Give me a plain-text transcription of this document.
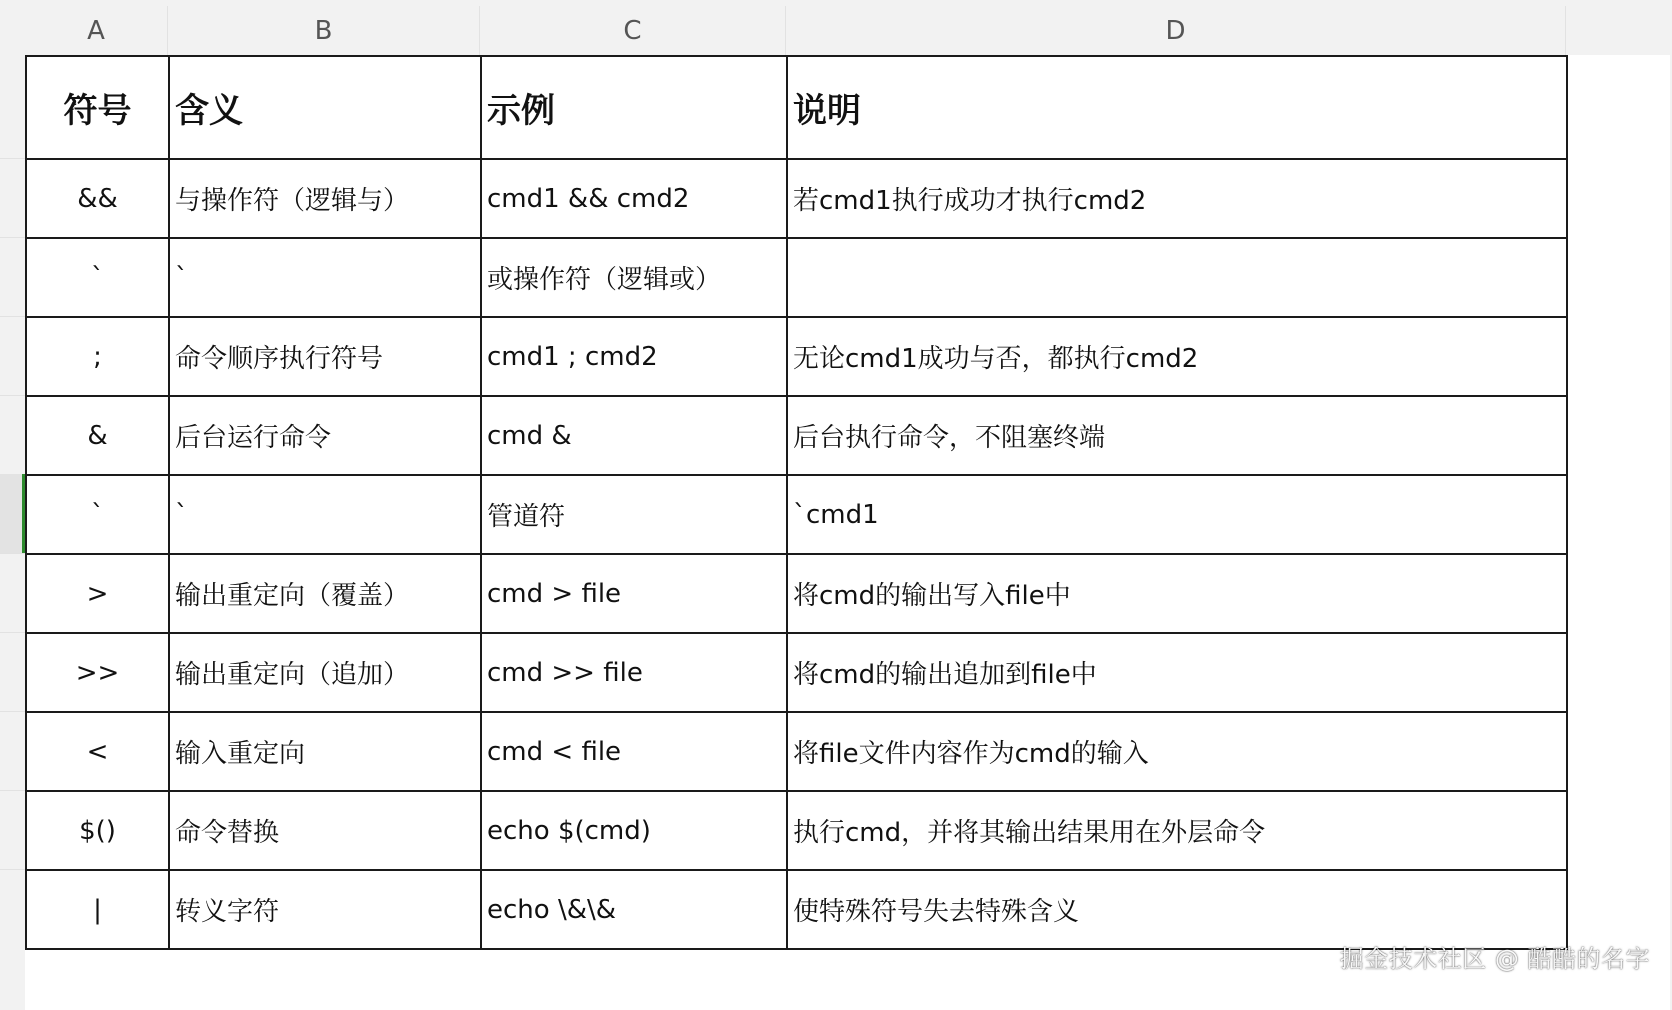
A	B	C	D
符号	含义	示例	说明
&&	与操作符（逻辑与）	cmd1 && cmd2	若cmd1执行成功才执行cmd2
`	`	或操作符（逻辑或）	
;	命令顺序执行符号	cmd1 ; cmd2	无论cmd1成功与否，都执行cmd2
&	后台运行命令	cmd &	后台执行命令，不阻塞终端
`	`	管道符	`cmd1
>	输出重定向（覆盖）	cmd > file	将cmd的输出写入file中
>>	输出重定向（追加）	cmd >> file	将cmd的输出追加到file中
<	输入重定向	cmd < file	将file文件内容作为cmd的输入
$()	命令替换	echo $(cmd)	执行cmd，并将其输出结果用在外层命令
|	转义字符	echo \&\&	使特殊符号失去特殊含义
掘金技术社区 @ 酷酷的名字
